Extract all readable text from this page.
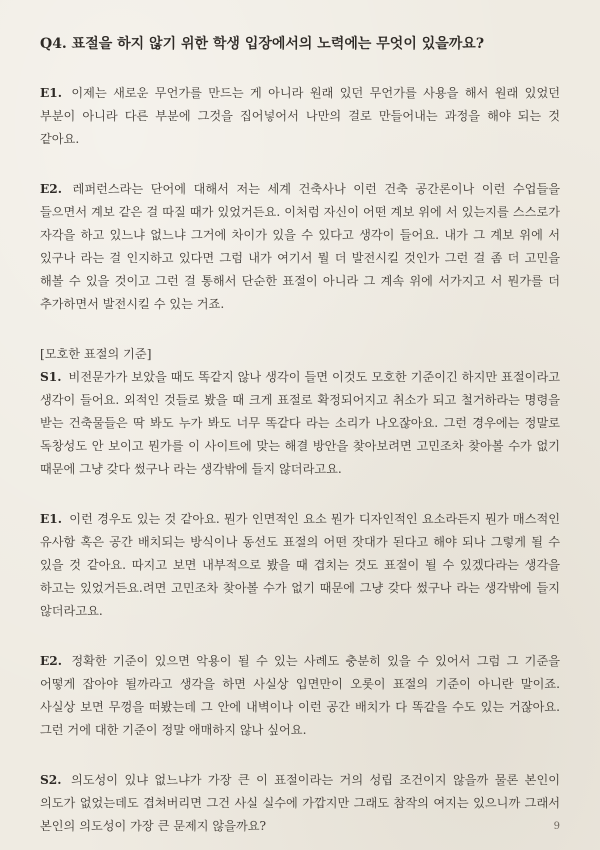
Q4. 표절을 하지 않기 위한 학생 입장에서의 노력에는 무엇이 있을까요?

E1. 이제는 새로운 무언가를 만드는 게 아니라 원래 있던 무언가를 사용을 해서 원래 있었던 부분이 아니라 다른 부분에 그것을 집어넣어서 나만의 걸로 만들어내는 과정을 해야 되는 것 같아요.

E2. 레퍼런스라는 단어에 대해서 저는 세계 건축사나 이런 건축 공간론이나 이런 수업들을 들으면서 계보 같은 걸 따질 때가 있었거든요. 이처럼 자신이 어떤 계보 위에 서 있는지를 스스로가 자각을 하고 있느냐 없느냐 그거에 차이가 있을 수 있다고 생각이 들어요. 내가 그 계보 위에 서 있구나 라는 걸 인지하고 있다면 그럼 내가 여기서 뭘 더 발전시킬 것인가 그런 걸 좀 더 고민을 해볼 수 있을 것이고 그런 걸 통해서 단순한 표절이 아니라 그 계속 위에 서가지고 서 뭔가를 더 추가하면서 발전시킬 수 있는 거죠.

[모호한 표절의 기준]

S1. 비전문가가 보았을 때도 똑같지 않나 생각이 들면 이것도 모호한 기준이긴 하지만 표절이라고 생각이 들어요. 외적인 것들로 봤을 때 크게 표절로 확정되어지고 취소가 되고 철거하라는 명령을 받는 건축물들은 딱 봐도 누가 봐도 너무 똑같다 라는 소리가 나오잖아요. 그런 경우에는 정말로 독창성도 안 보이고 뭔가를 이 사이트에 맞는 해결 방안을 찾아보려면 고민조차 찾아볼 수가 없기 때문에 그냥 갖다 썼구나 라는 생각밖에 들지 않더라고요.

E1. 이런 경우도 있는 것 같아요. 뭔가 인면적인 요소 뭔가 디자인적인 요소라든지 뭔가 매스적인 유사함 혹은 공간 배치되는 방식이나 동선도 표절의 어떤 잣대가 된다고 해야 되나 그렇게 될 수 있을 것 같아요. 따지고 보면 내부적으로 봤을 때 겹치는 것도 표절이 될 수 있겠다라는 생각을 하고는 있었거든요.려면 고민조차 찾아볼 수가 없기 때문에 그냥 갖다 썼구나 라는 생각밖에 들지 않더라고요.

E2. 정확한 기준이 있으면 악용이 될 수 있는 사례도 충분히 있을 수 있어서 그럼 그 기준을 어떻게 잡아야 될까라고 생각을 하면 사실상 입면만이 오롯이 표절의 기준이 아니란 말이죠. 사실상 보면 무껑을 떠봤는데 그 안에 내벽이나 이런 공간 배치가 다 똑같을 수도 있는 거잖아요. 그런 거에 대한 기준이 정말 애매하지 않나 싶어요.

S2. 의도성이 있냐 없느냐가 가장 큰 이 표절이라는 거의 성립 조건이지 않을까 물론 본인이 의도가 없었는데도 겹쳐버리면 그건 사실 실수에 가깝지만 그래도 참작의 여지는 있으니까 그래서 본인의 의도성이 가장 큰 문제지 않을까요?	9
